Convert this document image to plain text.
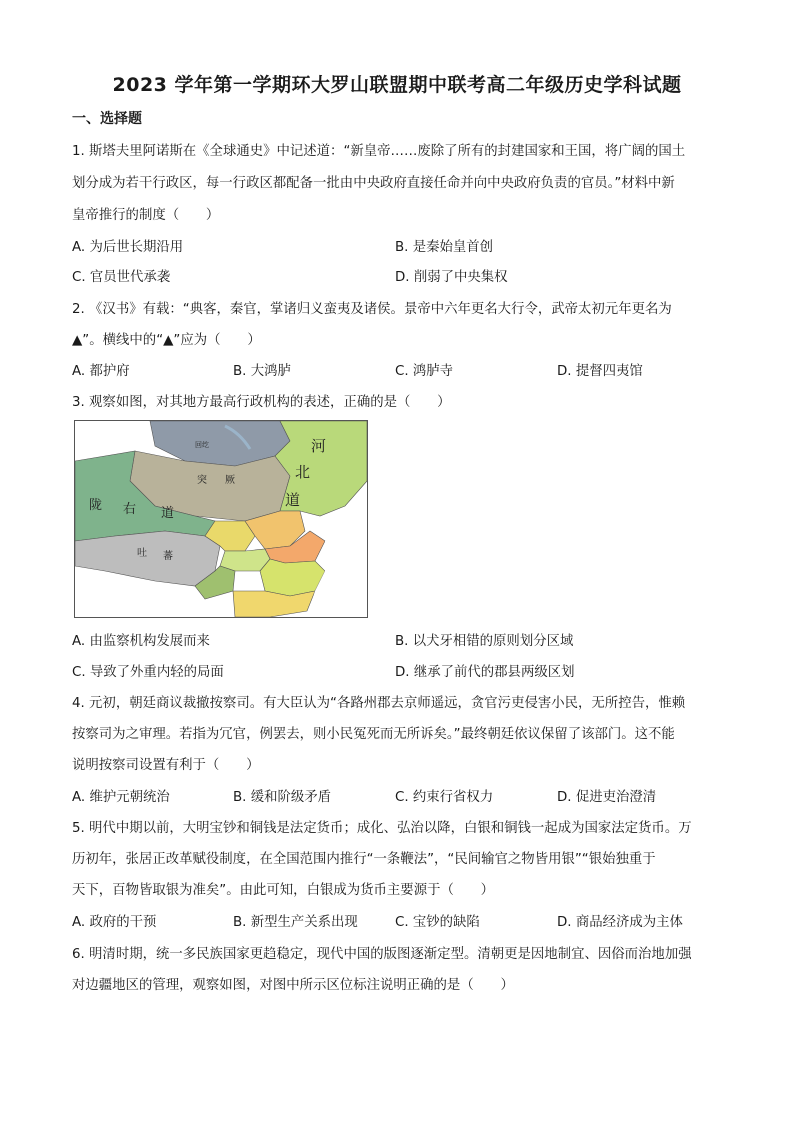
2023 学年第一学期环大罗山联盟期中联考高二年级历史学科试题
一、选择题
1. 斯塔夫里阿诺斯在《全球通史》中记述道：“新皇帝……废除了所有的封建国家和王国，将广阔的国土
划分成为若干行政区，每一行政区都配备一批由中央政府直接任命并向中央政府负责的官员。”材料中新
皇帝推行的制度（　　）
A. 为后世长期沿用	B. 是秦始皇首创
C. 官员世代承袭	D. 削弱了中央集权
2. 《汉书》有载：“典客，秦官，掌诸归义蛮夷及诸侯。景帝中六年更名大行令，武帝太初元年更名为
▲”。横线中的“▲”应为（　　）
A. 都护府	B. 大鸿胪	C. 鸿胪寺	D. 提督四夷馆
3. 观察如图，对其地方最高行政机构的表述，正确的是（　　）
河
北
道
陇 右 道
突 厥
吐 蕃
回纥
A. 由监察机构发展而来	B. 以犬牙相错的原则划分区域
C. 导致了外重内轻的局面	D. 继承了前代的郡县两级区划
4. 元初，朝廷商议裁撤按察司。有大臣认为“各路州郡去京师遥远，贪官污吏侵害小民，无所控告，惟赖
按察司为之审理。若指为冗官，例罢去，则小民冤死而无所诉矣。”最终朝廷依议保留了该部门。这不能
说明按察司设置有利于（　　）
A. 维护元朝统治	B. 缓和阶级矛盾	C. 约束行省权力	D. 促进吏治澄清
5. 明代中期以前，大明宝钞和铜钱是法定货币；成化、弘治以降，白银和铜钱一起成为国家法定货币。万
历初年，张居正改革赋役制度，在全国范围内推行“一条鞭法”，“民间输官之物皆用银”“银始独重于
天下，百物皆取银为准矣”。由此可知，白银成为货币主要源于（　　）
A. 政府的干预	B. 新型生产关系出现	C. 宝钞的缺陷	D. 商品经济成为主体
6. 明清时期，统一多民族国家更趋稳定，现代中国的版图逐渐定型。清朝更是因地制宜、因俗而治地加强
对边疆地区的管理，观察如图，对图中所示区位标注说明正确的是（　　）
